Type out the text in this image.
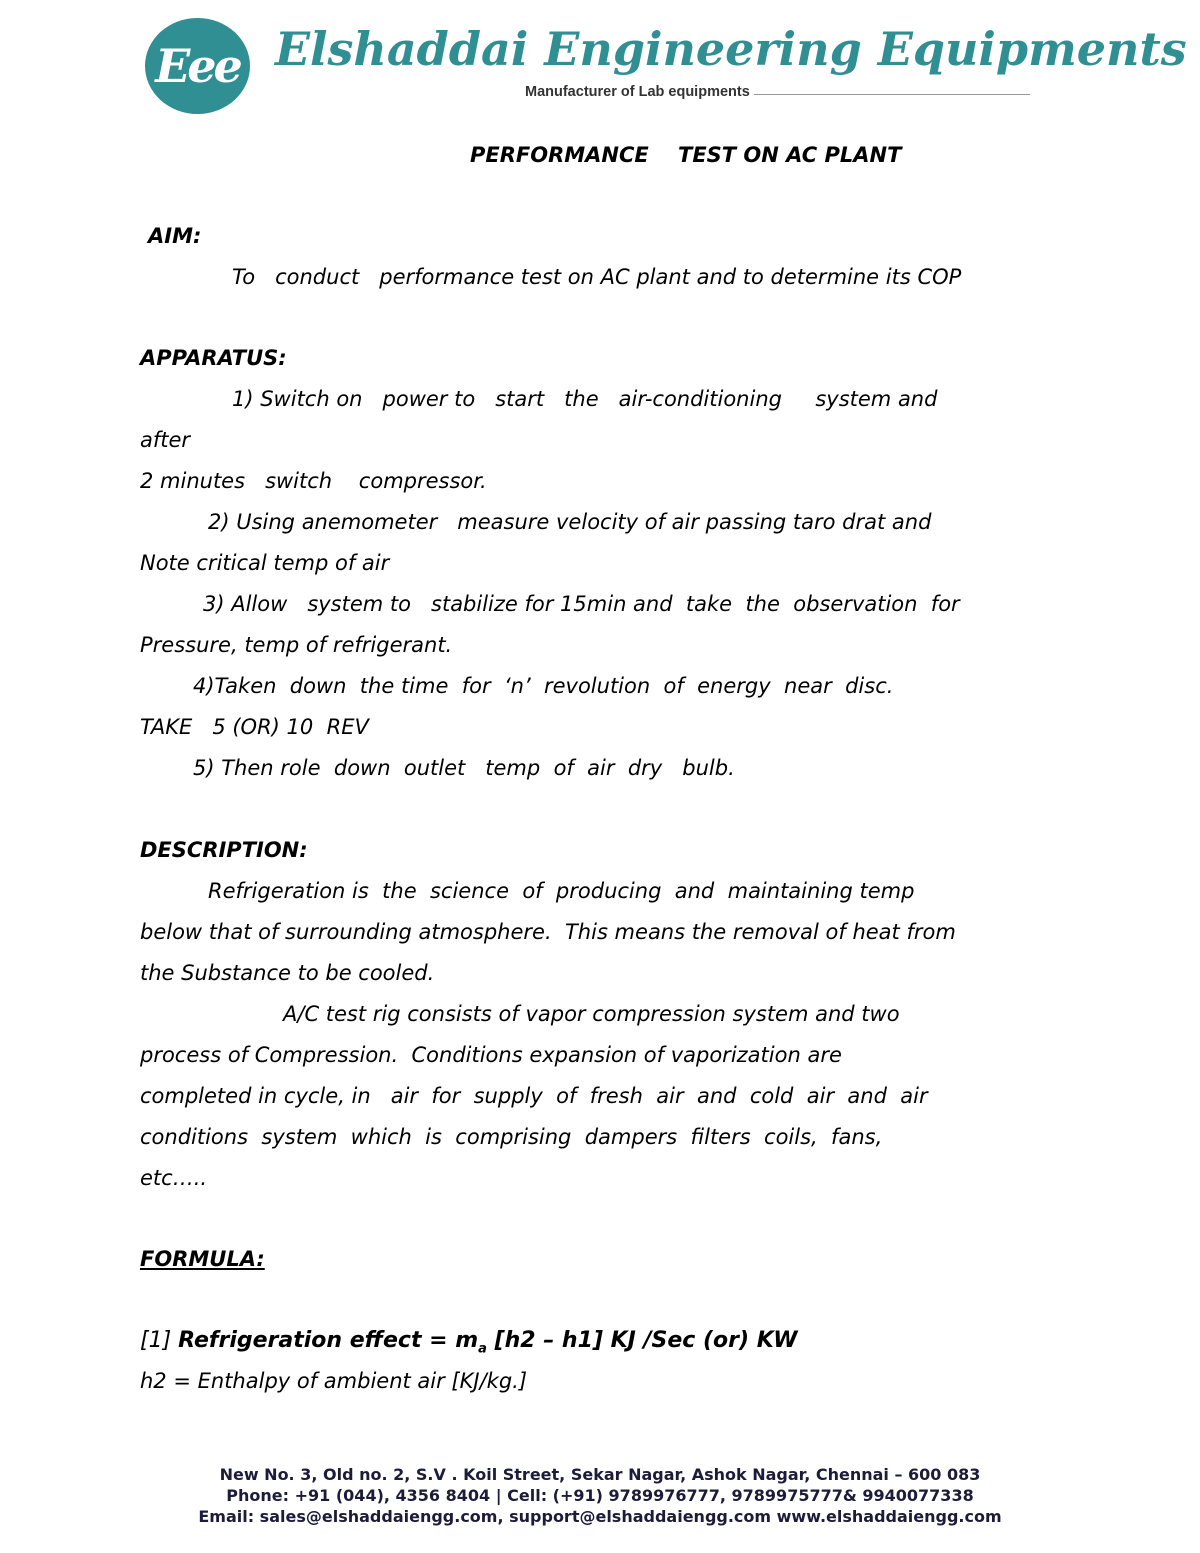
Eee Elshaddai Engineering Equipments
Manufacturer of Lab equipments
PERFORMANCE    TEST ON AC PLANT
AIM:
To   conduct   performance test on AC plant and to determine its COP
APPARATUS:
1) Switch on   power to   start   the   air-conditioning     system and
after
2 minutes   switch    compressor.
2) Using anemometer   measure velocity of air passing taro drat and
Note critical temp of air
3) Allow   system to   stabilize for 15min and  take  the  observation  for
Pressure, temp of refrigerant.
4)Taken  down  the time  for  ‘n’  revolution  of  energy  near  disc.
TAKE   5 (OR) 10  REV
5) Then role  down  outlet   temp  of  air  dry   bulb.
DESCRIPTION:
Refrigeration is  the  science  of  producing  and  maintaining temp
below that of surrounding atmosphere.  This means the removal of heat from
the Substance to be cooled.
A/C test rig consists of vapor compression system and two
process of Compression.  Conditions expansion of vaporization are
completed in cycle, in   air  for  supply  of  fresh  air  and  cold  air  and  air
conditions  system  which  is  comprising  dampers  filters  coils,  fans,
etc…..
FORMULA:
[1] Refrigeration effect = $m_a$ [h2 – h1] KJ /Sec (or) KW
h2 = Enthalpy of ambient air [KJ/kg.]
New No. 3, Old no. 2, S.V . Koil Street, Sekar Nagar, Ashok Nagar, Chennai – 600 083
Phone: +91 (044), 4356 8404 | Cell: (+91) 9789976777, 9789975777& 9940077338
Email: sales@elshaddaiengg.com, support@elshaddaiengg.com www.elshaddaiengg.com
